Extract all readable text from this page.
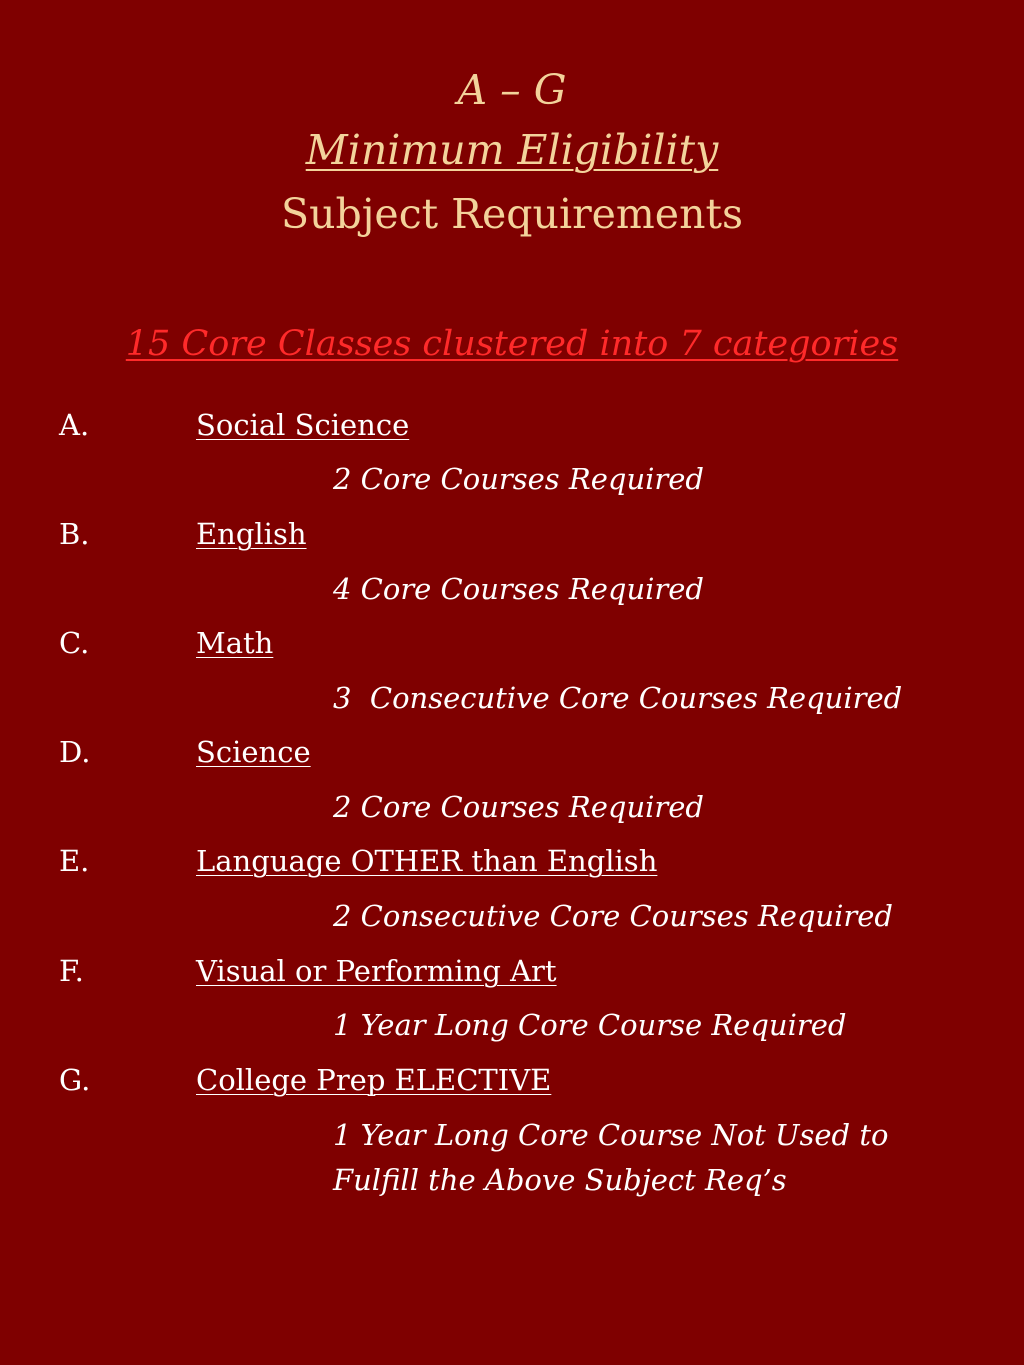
A – G
Minimum Eligibility
Subject Requirements
15 Core Classes clustered into 7 categories
A.	Social Science
2 Core Courses Required
B.	English
4 Core Courses Required
C.	Math
3  Consecutive Core Courses Required
D.	Science
2 Core Courses Required
E.	Language OTHER than English
2 Consecutive Core Courses Required
F.	Visual or Performing Art
1 Year Long Core Course Required
G.	College Prep ELECTIVE
1 Year Long Core Course Not Used to
Fulfill the Above Subject Req’s
